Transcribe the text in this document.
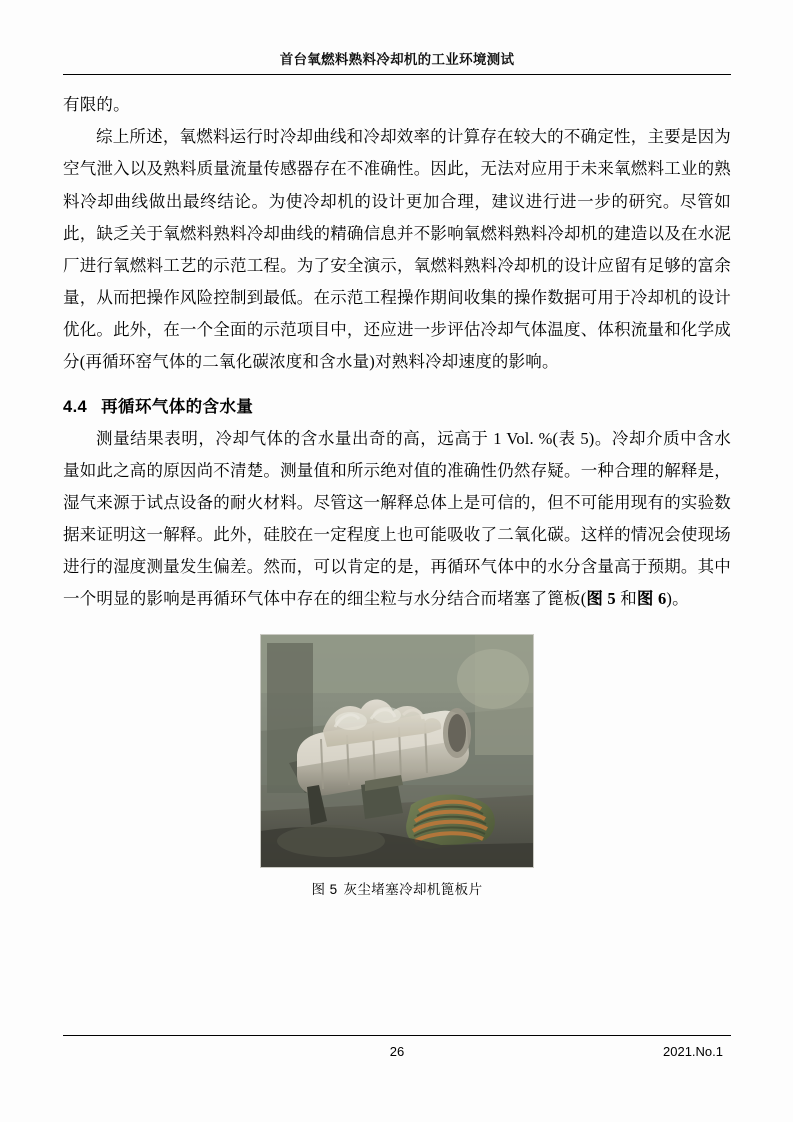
首台氧燃料熟料冷却机的工业环境测试

有限的。

综上所述，氧燃料运行时冷却曲线和冷却效率的计算存在较大的不确定性，主要是因为空气泄入以及熟料质量流量传感器存在不准确性。因此，无法对应用于未来氧燃料工业的熟料冷却曲线做出最终结论。为使冷却机的设计更加合理，建议进行进一步的研究。尽管如此，缺乏关于氧燃料熟料冷却曲线的精确信息并不影响氧燃料熟料冷却机的建造以及在水泥厂进行氧燃料工艺的示范工程。为了安全演示，氧燃料熟料冷却机的设计应留有足够的富余量，从而把操作风险控制到最低。在示范工程操作期间收集的操作数据可用于冷却机的设计优化。此外，在一个全面的示范项目中，还应进一步评估冷却气体温度、体积流量和化学成分(再循环窑气体的二氧化碳浓度和含水量)对熟料冷却速度的影响。

4.4 再循环气体的含水量

测量结果表明，冷却气体的含水量出奇的高，远高于 1 Vol. %(表 5)。冷却介质中含水量如此之高的原因尚不清楚。测量值和所示绝对值的准确性仍然存疑。一种合理的解释是，湿气来源于试点设备的耐火材料。尽管这一解释总体上是可信的，但不可能用现有的实验数据来证明这一解释。此外，硅胶在一定程度上也可能吸收了二氧化碳。这样的情况会使现场进行的湿度测量发生偏差。然而，可以肯定的是，再循环气体中的水分含量高于预期。其中一个明显的影响是再循环气体中存在的细尘粒与水分结合而堵塞了篦板(图 5 和图 6)。

图 5 灰尘堵塞冷却机篦板片
26	2021.No.1
